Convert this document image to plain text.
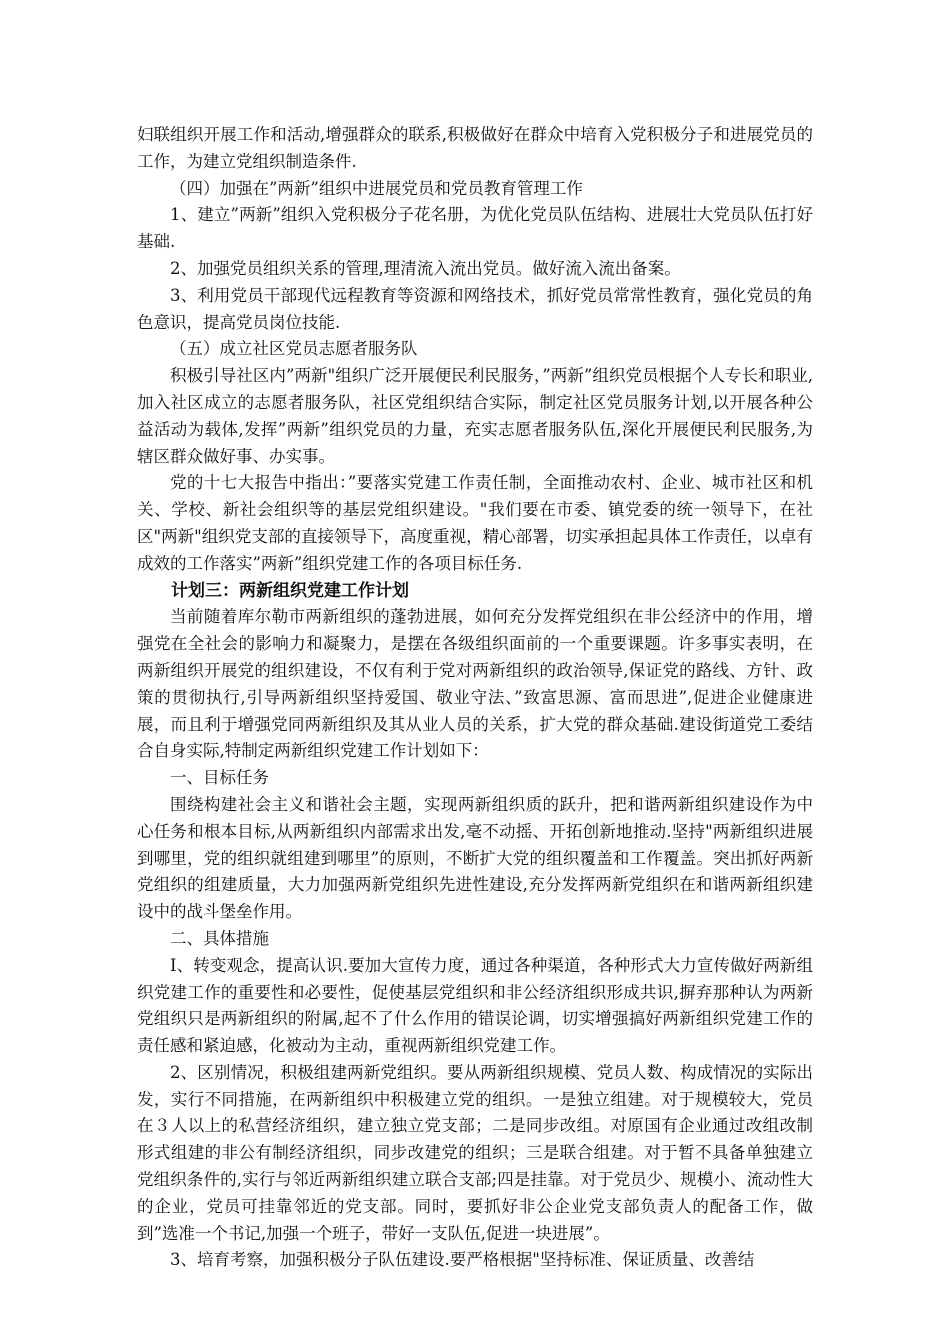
妇联组织开展工作和活动,增强群众的联系,积极做好在群众中培育入党积极分子和进展党员的工作，为建立党组织制造条件.

（四）加强在”两新”组织中进展党员和党员教育管理工作

1、建立”两新”组织入党积极分子花名册，为优化党员队伍结构、进展壮大党员队伍打好基础.

2、加强党员组织关系的管理,理清流入流出党员。做好流入流出备案。

3、利用党员干部现代远程教育等资源和网络技术，抓好党员常常性教育，强化党员的角色意识，提高党员岗位技能.

（五）成立社区党员志愿者服务队

积极引导社区内”两新"组织广泛开展便民利民服务，”两新”组织党员根据个人专长和职业,加入社区成立的志愿者服务队，社区党组织结合实际，制定社区党员服务计划,以开展各种公益活动为载体,发挥”两新”组织党员的力量，充实志愿者服务队伍,深化开展便民利民服务,为辖区群众做好事、办实事。

党的十七大报告中指出：”要落实党建工作责任制，全面推动农村、企业、城市社区和机关、学校、新社会组织等的基层党组织建设。"我们要在市委、镇党委的统一领导下，在社区"两新"组织党支部的直接领导下，高度重视，精心部署，切实承担起具体工作责任，以卓有成效的工作落实”两新”组织党建工作的各项目标任务.

计划三：两新组织党建工作计划

当前随着库尔勒市两新组织的蓬勃进展，如何充分发挥党组织在非公经济中的作用，增强党在全社会的影响力和凝聚力，是摆在各级组织面前的一个重要课题。许多事实表明，在两新组织开展党的组织建设，不仅有利于党对两新组织的政治领导,保证党的路线、方针、政策的贯彻执行,引导两新组织坚持爱国、敬业守法、”致富思源、富而思进”,促进企业健康进展，而且利于增强党同两新组织及其从业人员的关系，扩大党的群众基础.建设街道党工委结合自身实际,特制定两新组织党建工作计划如下：

一、目标任务

围绕构建社会主义和谐社会主题，实现两新组织质的跃升，把和谐两新组织建设作为中心任务和根本目标,从两新组织内部需求出发,毫不动摇、开拓创新地推动.坚持"两新组织进展到哪里，党的组织就组建到哪里”的原则，不断扩大党的组织覆盖和工作覆盖。突出抓好两新党组织的组建质量，大力加强两新党组织先进性建设,充分发挥两新党组织在和谐两新组织建设中的战斗堡垒作用。

二、具体措施

I、转变观念，提高认识.要加大宣传力度，通过各种渠道，各种形式大力宣传做好两新组织党建工作的重要性和必要性，促使基层党组织和非公经济组织形成共识,摒弃那种认为两新党组织只是两新组织的附属,起不了什么作用的错误论调，切实增强搞好两新组织党建工作的责任感和紧迫感，化被动为主动，重视两新组织党建工作。

2、区别情况，积极组建两新党组织。要从两新组织规模、党员人数、构成情况的实际出发，实行不同措施，在两新组织中积极建立党的组织。一是独立组建。对于规模较大，党员在３人以上的私营经济组织，建立独立党支部；二是同步改组。对原国有企业通过改组改制形式组建的非公有制经济组织，同步改建党的组织；三是联合组建。对于暂不具备单独建立党组织条件的,实行与邻近两新组织建立联合支部;四是挂靠。对于党员少、规模小、流动性大的企业，党员可挂靠邻近的党支部。同时，要抓好非公企业党支部负责人的配备工作，做到”选准一个书记,加强一个班子，带好一支队伍,促进一块进展”。

3、培育考察，加强积极分子队伍建设.要严格根据"坚持标准、保证质量、改善结
